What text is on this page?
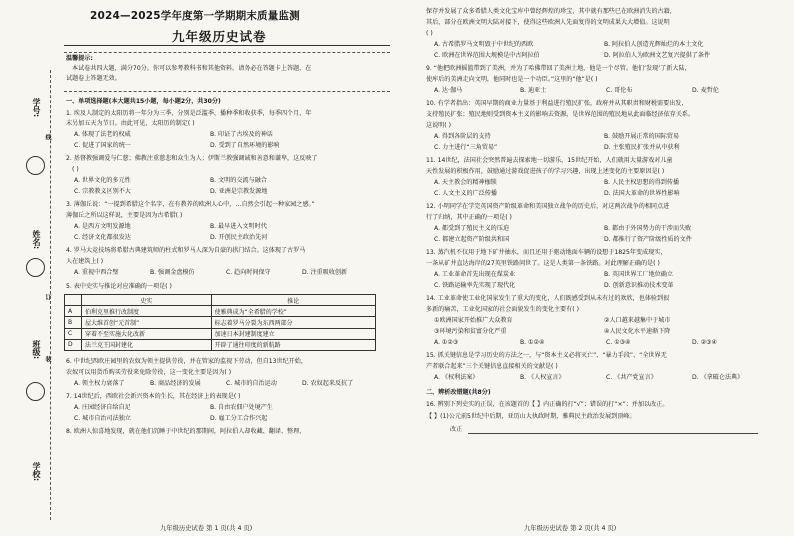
2024—2025学年度第一学期期末质量监测
九年级历史试卷
学号:
姓名:
班级:
学校:
线
订
装
温馨提示:
本试卷共四大题，满分70分。你可以参考教科书和其他资料。请务必在答题卡上答题，在
试题卷上答题无效。
一、单项选择题(本大题共15小题，每小题2分，共30分)
1. 埃及人制定的太阳历将一年分为三季，分别是泛滥季、播种季和收获季，每季四个月，年
末另加五天为节日。由此可见，太阳历的制定( )
A. 体现了法老的权威	B. 印证了古埃及的神话
C. 促进了国家的统一	D. 受到了自然环境的影响
2. 基督教强调爱与仁慈；佛教注重慈悲和众生为人；伊斯兰教强调诚和善意和谦卑，这反映了
( )
A. 世界文化的多元性	B. 文明的交流与融合
C. 宗教教义区别不大	D. 亚洲是宗教发源地
3. 薄伽丘说：“一提到希腊这个名字，在有教养的欧洲人心中，…自然会引起一种家园之感。”
薄伽丘之所以这样说，主要是因为古希腊( )
A. 是西方文明发源地	B. 最早进入文明时代
C. 经济文化都很发达	D. 开创民主政治先河
4. 罗马大竞技场将希腊古典建筑师的柱式和罗马人深为自豪的拱门结合。这体现了古罗马
人在建筑上( )
A. 重视中西合璧	B. 强调金盘模仿	C. 趋向时间保守	D. 注重吸收创新
5. 表中史实与推论对应准确的一项是( )
	史实	推论
A	伯利克里推行改制度	使雅典成为“全希腊的学校”
B	屋大维首创“元首制”	标志着罗马分裂为东西两部分
C	穿着不至实施大化改新	加速日本封建制度建立
D	法兰克王国封建化	开辟了通往印度的新航路
6. 中世纪西欧庄园里的农奴为领主提供劳役，并在管家的监视下劳动，但自13世纪开始，
农奴可以用货币购买劳役来免除劳役，这一变化主要是因为( )
A. 领主权力衰落了	B. 商品经济的发展	C. 城市的自治运动	D. 农奴起来反抗了
7. 14世纪后，西欧社会新兴资本的生长，其在经济上的表现是( )
A. 庄园经济自给自足	B. 自由农佃户处境产生
C. 城市自治司法独立	D. 雇工分工合作兴起
8. 欧洲人惊喜地发现，就在他们沉睡于中世纪的那期间，阿拉伯人却收藏、翻译、整理、
九年级历史试卷 第 1 页(共 4 页)
保存并发展了众多希腊人类文化宝库中曾经辉煌的珍宝，其中就有那些已在欧洲消失的古籍，
其后，部分在欧洲文明大陆对接下，使得这些欧洲人先面复得的文明成果大大增值。这说明
( )
A. 古希腊罗马文明毁于中世纪的西欧	B. 阿拉伯人创造光辉灿烂的本土文化
C. 欧洲在世界范围大规模是中古阿拉伯	D. 阿拉伯人为欧洲文艺复兴提供了条件
9. “他把欧洲摇篮带到了美洲，并为了哈佛带回了美洲土地，他是一个尽管。他们‘发现’了新大陆，
使库后的美洲走向文明，他同时也是一个功臣。”这里的“他”是( )
A. 达·伽马	B. 迪亚士	C. 哥伦布	D. 麦哲伦
10. 有学者指出：英国早期的商业力量基于利益进行殖民扩张，政府并从其职责和财税需要出发，
支持殖民扩张；殖民地则受到资本主义的影响去资源，是世界范围的殖民地从此面临经济依存关系。
这说明( )
A. 得到各阶层的支持	B. 鼓励开展正常的国际贸易
C. 力主进行“三角贸易”	D. 主张殖民扩张并从中获利
11. 14世纪，法国社会突然普遍去探索地一切游乐，15世纪开始，人们就用大量游戏对儿童
天性发展的积极作用，鼓励通过游戏促进孩子的学习兴趣，出现上述变化的主要原因是( )
A. 天主教会的精神枷锁	B. 人民主权思想的得到传播
C. 人文主义的广泛传播	D. 法国大革命的世界性影响
12. 小明同学在学完英国资产阶级革命和美国独立战争的历史后，对这两次战争的相同点进
行了归纳，其中正确的一项是( )
A. 都受到了殖民主义的压迫	B. 都由于外国势力的干涉而失败
C. 都建立起资产阶级共和国	D. 都推行了资产阶级性质的文件
13. 蒸汽机不仅用于地下矿井抽水，而且还用于驱动地面车辆的设想于1825年变成现实，
一条从矿井直达海岸的27英里铁路问世了。这是人类第一条铁路。对此理解正确的是( )
A. 工业革命首先出现在煤炭业	B. 英国世界工厂地位确立
C. 铁路运输率先实现了现代化	D. 创新意识推动技术变革
14. 工业革命使工业化国家发生了重大的变化，人们既感受到从未有过的欢欣，也体验到很
多新的痛苦，工业化国家的社会面貌发生的变化主要有( )
①欧洲国家开始推广大众教育	②人口越来越集中于城市
③环境污染和贫富分化严重	④人民文化水平速渐下降
A. ①②③	B. ①②④	C. ①③④	D. ②③④
15. 抓关键信息是学习历史的方法之一，与“资本主义必将灭亡”、“暴力手段”、“全世界无
产者联合起来”三个关键信息直接相关的文献是( )
A. 《权利法案》	B. 《人权宣言》	C. 《共产党宣言》	D. 《拿破仑法典》
二、辨析改错题(共8分)
16. 辨别下列史实的正误，在该题首的【 】内正确的打“√”；错误的打“×”；并加以改正。
【 】(1)公元前5世纪中后期，亚历山大执政时期，雅典民主政治发展到顶峰。
改正
九年级历史试卷 第 2 页(共 4 页)
